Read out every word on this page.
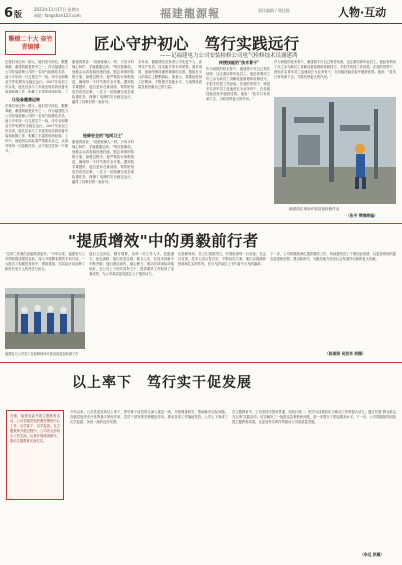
6版
2023年11月17日 星期五
网址: fangshan123.com	福建龍源報	责任编辑 / 郑佳俊	人物·互动
擎燎二十大 奋竹青镇博	匠心守护初心　笃行实践远行
——记福建电力公司安装检修公司电气检修技术员谢建鸿
在我们身边有一群人，他们坚守岗位，默默奉献，谢建鸿就是其中之一。作为福建电力公司安装检修公司的一名电气检修技术员，他十多年如一日扎根生产一线，用专业和敬业守护电网安全稳定运行。2007年参加工作以来，他先后参与了多座变电站的设备安装和检修工作，积累了丰富的现场经验。工
让设备健康运转
在我们身边有一群人，他们坚守岗位，默默奉献，谢建鸿就是其中之一。作为福建电力公司安装检修公司的一名电气检修技术员，他十多年如一日扎根生产一线，用专业和敬业守护电网安全稳定运行。2007年参加工作以来，他先后参与了多座变电站的设备安装和检修工作，积累了丰富的现场经验。工作中，他始终以高标准严格要求自己，认真对待每一次检修任务，从不放过任何一个细节。
谢建鸿常说："设备就像人一样，只有平时细心呵护，才能健康运转。"每次检修前，他都会认真查阅设备档案，制定详细的检修方案。检修过程中，他严格执行规程规范，确保每一个环节都安全可靠。遇到技术难题时，他总是冲在最前面，带领班组成员攻坚克难，一次又一次圆满完成急难险重任务，保障了电网的安全稳定运行，赢得了同事们的一致好评。
检修安全的"电网卫士"
谢建鸿常说："设备就像人一样，只有平时细心呵护，才能健康运转。"每次检修前，他都会认真查阅设备档案，制定详细的检修方案。检修过程中，他严格执行规程规范，确保每一个环节都安全可靠。遇到技术难题时，他总是冲在最前面，带领班组成员攻坚克难，一次又一次圆满完成急难险重任务，保障了电网的安全稳定运行，赢得了同事们的一致好评。
多年来，谢建鸿先后获得公司先进个人、优秀共产党员、技术能手等多项荣誉。面对成绩，他始终保持谦虚谨慎的态度，继续在平凡的岗位上默默耕耘。他表示，将继续发扬工匠精神，不断提升技能水平，为电网高质量发展贡献自己的力量。
传授技能的"技术骨干"
作为班组的技术骨干，谢建鸿不仅自己刻苦钻研，还注重培养年轻员工。他经常利用工作之余为新员工讲解设备原理和检修技巧，手把手传授工作经验。在他的带领下，班组多名青年员工迅速成长为业务骨干，在各级技能竞赛中屡获佳绩。他说："技术只有传承下去，才能发挥更大的作用。"
作为班组的技术骨干，谢建鸿不仅自己刻苦钻研，还注重培养年轻员工。他经常利用工作之余为新员工讲解设备原理和检修技巧，手把手传授工作经验。在他的带领下，班组多名青年员工迅速成长为业务骨干，在各级技能竞赛中屡获佳绩。他说："技术只有传承下去，才能发挥更大的作用。"
谢建鸿在现场开展设备检修作业
（张平 樊锦辉编）
"提质增效"中的勇毅前行者
"这项工作我们还能做得更好。"今年以来，福建电力公司围绕提质增效目标，深入开展降本增效专项行动，一大批员工积极投身其中，勇挑重担，用实际行动诠释了新时代电力人的责任与担当。
福建电力公司员工在检修现场开展设备巡视检测工作
他们立足岗位，精打细算，从每一项工作入手，挖掘潜力，优化流程；他们攻坚克难，敢为人先，在技术创新中不断突破；他们团结协作，凝心聚力，推动各项指标持续向好。在公司上下的共同努力下，提质增效工作取得了显著成效，为公司高质量发展注入了强劲动力。
在检修现场，员工们顶着烈日，仔细检查每一台设备；在会议室里，技术人员反复讨论，不断优化方案。他们以饱满的热情和扎实的作风，在平凡的岗位上书写着不平凡的篇章。
下一步，公司将继续深化提质增效工作，持续激发员工干事创业热情，以更加昂扬的姿态奋进新征程、建功新时代，为服务地方经济社会发展作出新的更大贡献。
（陈丽丽 吴思华 供稿）
以上率下　笃行实干促发展
近期，福建省委开展主题教育活动，公司各级党组织紧密围绕中心工作，以学促干、以学促改。在主题教育开展过程中，公司各支部结合工作实际，认真开展调查研究，推动主题教育走深走实。
今年以来，公司党委坚持以上率下，领导班子成员带头深入基层一线，开展调查研究，帮助解决实际问题。各级党组织充分发挥战斗堡垒作用，党员干部发挥先锋模范作用，推动各项工作落地见效。公司上下形成了比学赶超、争创一流的良好氛围。
在主题教育中，公司坚持学思用贯通、知信行统一，把学习成果转化为推动工作的强大动力。通过开展"我为群众办实事"实践活动，切实解决了一批群众急难愁盼问题，进一步提升了供电服务水平。下一步，公司将继续巩固拓展主题教育成果，以更加务实的作风推动公司高质量发展。
（李远 供稿）
